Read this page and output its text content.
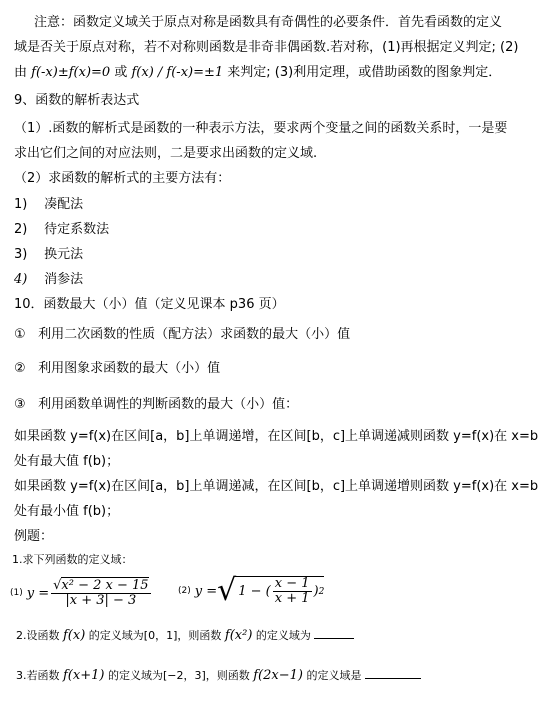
注意：函数定义域关于原点对称是函数具有奇偶性的必要条件．首先看函数的定义
域是否关于原点对称，若不对称则函数是非奇非偶函数.若对称，(1)再根据定义判定; (2)
由 f(-x)±f(x)=0 或 f(x) / f(-x)=±1 来判定; (3)利用定理，或借助函数的图象判定．
9、函数的解析表达式
（1）.函数的解析式是函数的一种表示方法，要求两个变量之间的函数关系时，一是要
求出它们之间的对应法则，二是要求出函数的定义域.
（2）求函数的解析式的主要方法有：
1) 凑配法
2) 待定系数法
3) 换元法
4) 消参法
10．函数最大（小）值（定义见课本 p36 页）
① 利用二次函数的性质（配方法）求函数的最大（小）值
② 利用图象求函数的最大（小）值
③ 利用函数单调性的判断函数的最大（小）值：
如果函数 y=f(x)在区间[a，b]上单调递增，在区间[b，c]上单调递减则函数 y=f(x)在 x=b
处有最大值 f(b)；
如果函数 y=f(x)在区间[a，b]上单调递减，在区间[b，c]上单调递增则函数 y=f(x)在 x=b
处有最小值 f(b)；
例题：
1.求下列函数的定义域：
(1) $y = \frac{\text{√x² − 2 x − 15}}{|x + 3| - 3}$	(2) y = √ 1 − ( $\frac{x - 1}{x + 1}$ ) 2
2.设函数 f(x) 的定义域为[0，1]，则函数 f(x²) 的定义域为
3.若函数 f(x+1) 的定义域为[−2，3]，则函数 f(2x−1) 的定义域是
